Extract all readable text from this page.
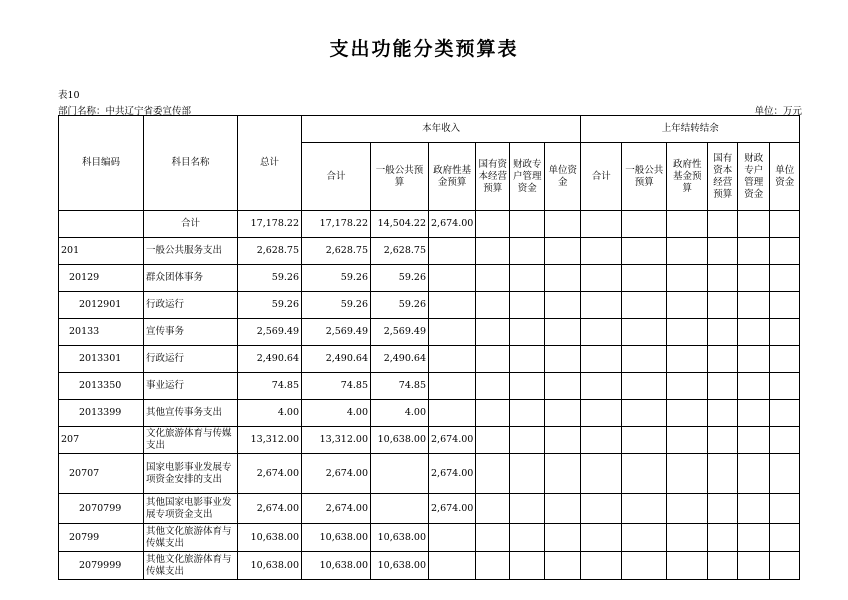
支出功能分类预算表
表10
部门名称：中共辽宁省委宣传部	单位：万元
科目编码	科目名称	总计	本年收入						上年结转结余					
			合计	一般公共预算	政府性基金预算	国有资本经营预算	财政专户管理资金	单位资金	合计	一般公共预算	政府性基金预算	国有资本经营预算	财政专户管理资金	单位资金
	合计	17,178.22	17,178.22	14,504.22	2,674.00									
201	一般公共服务支出	2,628.75	2,628.75	2,628.75										
20129	群众团体事务	59.26	59.26	59.26										
2012901	行政运行	59.26	59.26	59.26										
20133	宣传事务	2,569.49	2,569.49	2,569.49										
2013301	行政运行	2,490.64	2,490.64	2,490.64										
2013350	事业运行	74.85	74.85	74.85										
2013399	其他宣传事务支出	4.00	4.00	4.00										
207	文化旅游体育与传媒支出	13,312.00	13,312.00	10,638.00	2,674.00									
20707	国家电影事业发展专项资金安排的支出	2,674.00	2,674.00		2,674.00									
2070799	其他国家电影事业发展专项资金支出	2,674.00	2,674.00		2,674.00									
20799	其他文化旅游体育与传媒支出	10,638.00	10,638.00	10,638.00										
2079999	其他文化旅游体育与传媒支出	10,638.00	10,638.00	10,638.00										
